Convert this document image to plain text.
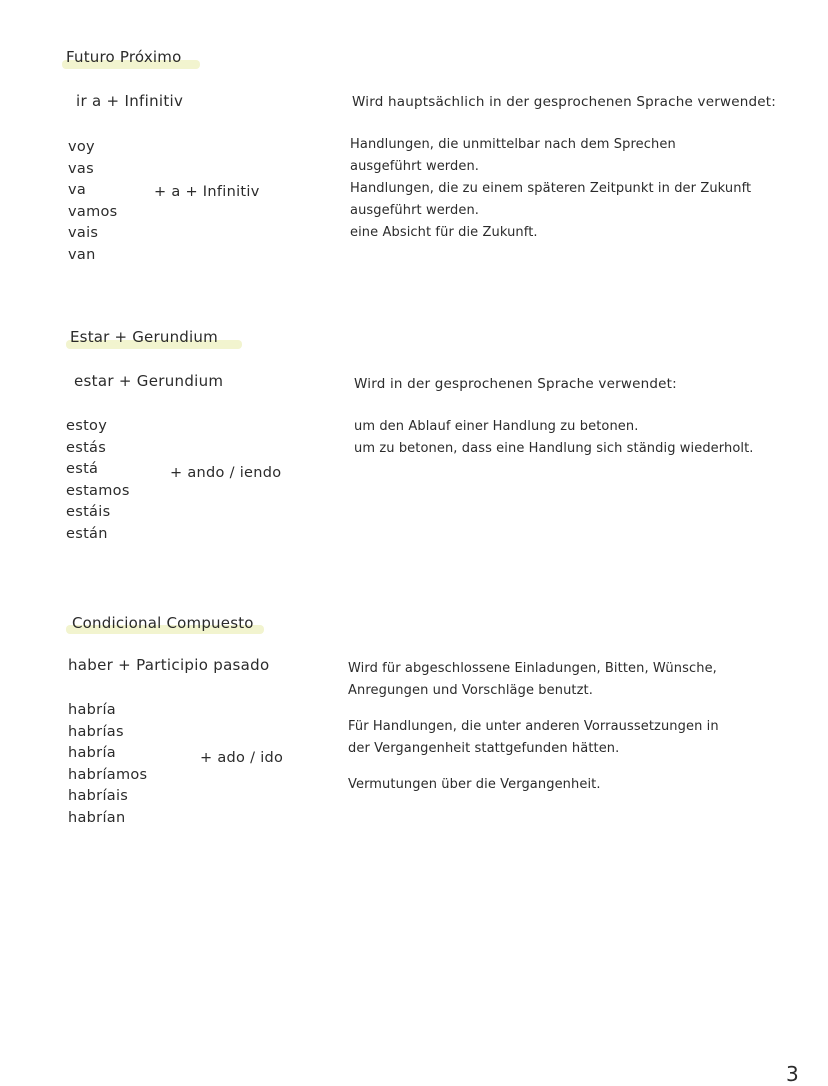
Futuro Próximo
ir a + Infinitiv
voy
vas
va
vamos
vais
van
+ a + Infinitiv
Wird hauptsächlich in der gesprochenen Sprache verwendet:
Handlungen, die unmittelbar nach dem Sprechen
ausgeführt werden.
Handlungen, die zu einem späteren Zeitpunkt in der Zukunft
ausgeführt werden.
eine Absicht für die Zukunft.
Estar + Gerundium
estar + Gerundium
estoy
estás
está
estamos
estáis
están
+ ando / iendo
Wird in der gesprochenen Sprache verwendet:
um den Ablauf einer Handlung zu betonen.
um zu betonen, dass eine Handlung sich ständig wiederholt.
Condicional Compuesto
haber + Participio pasado
habría
habrías
habría
habríamos
habríais
habrían
+ ado / ido
Wird für abgeschlossene Einladungen, Bitten, Wünsche,
Anregungen und Vorschläge benutzt.
Für Handlungen, die unter anderen Vorraussetzungen in
der Vergangenheit stattgefunden hätten.
Vermutungen über die Vergangenheit.
3
